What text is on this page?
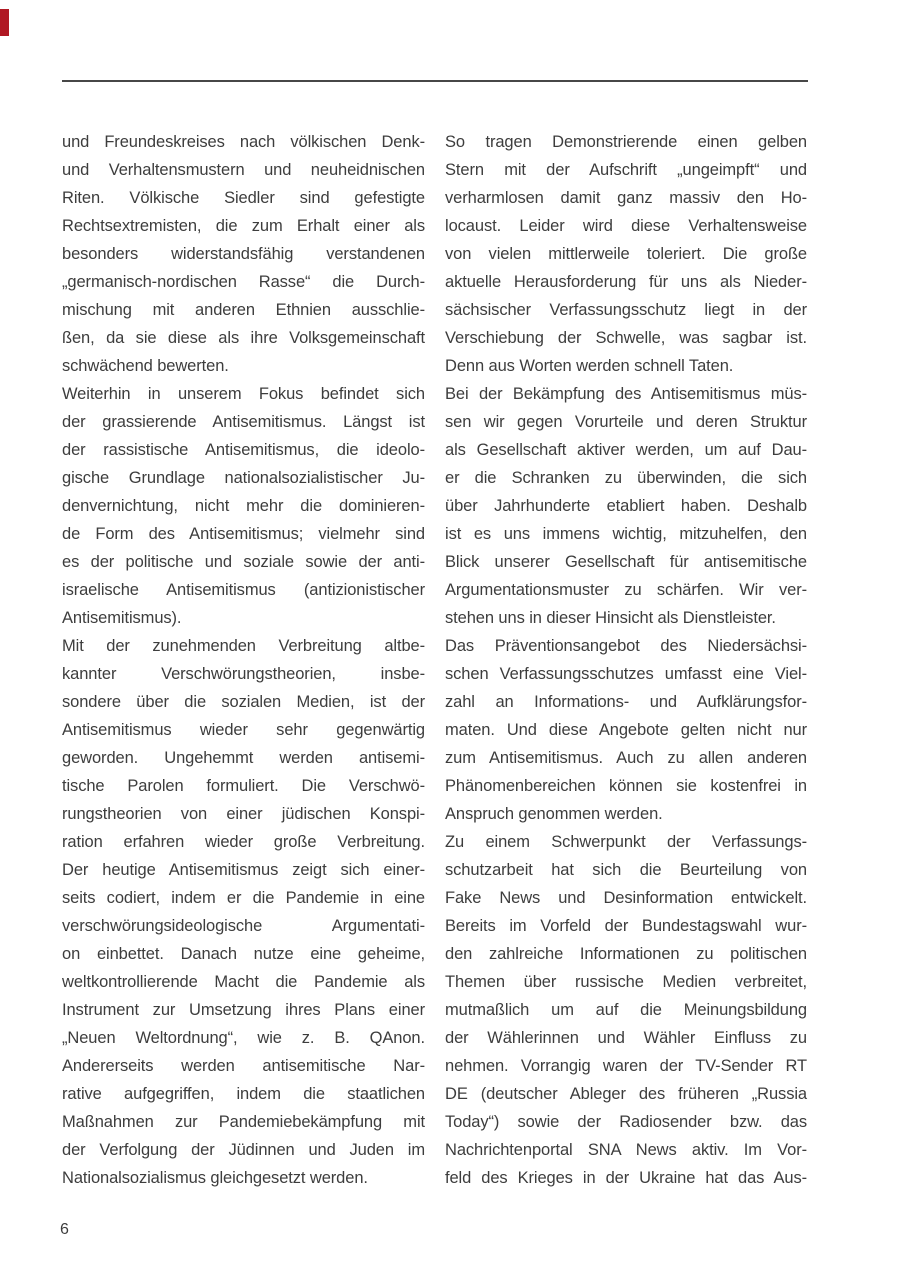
und Freundeskreises nach völkischen Denk-
und Verhaltensmustern und neuheidnischen
Riten. Völkische Siedler sind gefestigte
Rechtsextremisten, die zum Erhalt einer als
besonders widerstandsfähig verstandenen
„germanisch-nordischen Rasse“ die Durch-
mischung mit anderen Ethnien ausschlie-
ßen, da sie diese als ihre Volksgemeinschaft
schwächend bewerten.
Weiterhin in unserem Fokus befindet sich
der grassierende Antisemitismus. Längst ist
der rassistische Antisemitismus, die ideolo-
gische Grundlage nationalsozialistischer Ju-
denvernichtung, nicht mehr die dominieren-
de Form des Antisemitismus; vielmehr sind
es der politische und soziale sowie der anti-
israelische Antisemitismus (antizionistischer
Antisemitismus).
Mit der zunehmenden Verbreitung altbe-
kannter Verschwörungstheorien, insbe-
sondere über die sozialen Medien, ist der
Antisemitismus wieder sehr gegenwärtig
geworden. Ungehemmt werden antisemi-
tische Parolen formuliert. Die Verschwö-
rungstheorien von einer jüdischen Konspi-
ration erfahren wieder große Verbreitung.
Der heutige Antisemitismus zeigt sich einer-
seits codiert, indem er die Pandemie in eine
verschwörungsideologische Argumentati-
on einbettet. Danach nutze eine geheime,
weltkontrollierende Macht die Pandemie als
Instrument zur Umsetzung ihres Plans einer
„Neuen Weltordnung“, wie z. B. QAnon.
Andererseits werden antisemitische Nar-
rative aufgegriffen, indem die staatlichen
Maßnahmen zur Pandemiebekämpfung mit
der Verfolgung der Jüdinnen und Juden im
Nationalsozialismus gleichgesetzt werden.
So tragen Demonstrierende einen gelben
Stern mit der Aufschrift „ungeimpft“ und
verharmlosen damit ganz massiv den Ho-
locaust. Leider wird diese Verhaltensweise
von vielen mittlerweile toleriert. Die große
aktuelle Herausforderung für uns als Nieder-
sächsischer Verfassungsschutz liegt in der
Verschiebung der Schwelle, was sagbar ist.
Denn aus Worten werden schnell Taten.
Bei der Bekämpfung des Antisemitismus müs-
sen wir gegen Vorurteile und deren Struktur
als Gesellschaft aktiver werden, um auf Dau-
er die Schranken zu überwinden, die sich
über Jahrhunderte etabliert haben. Deshalb
ist es uns immens wichtig, mitzuhelfen, den
Blick unserer Gesellschaft für antisemitische
Argumentationsmuster zu schärfen. Wir ver-
stehen uns in dieser Hinsicht als Dienstleister.
Das Präventionsangebot des Niedersächsi-
schen Verfassungsschutzes umfasst eine Viel-
zahl an Informations- und Aufklärungsfor-
maten. Und diese Angebote gelten nicht nur
zum Antisemitismus. Auch zu allen anderen
Phänomenbereichen können sie kostenfrei in
Anspruch genommen werden.
Zu einem Schwerpunkt der Verfassungs-
schutzarbeit hat sich die Beurteilung von
Fake News und Desinformation entwickelt.
Bereits im Vorfeld der Bundestagswahl wur-
den zahlreiche Informationen zu politischen
Themen über russische Medien verbreitet,
mutmaßlich um auf die Meinungsbildung
der Wählerinnen und Wähler Einfluss zu
nehmen. Vorrangig waren der TV-Sender RT
DE (deutscher Ableger des früheren „Russia
Today“) sowie der Radiosender bzw. das
Nachrichtenportal SNA News aktiv. Im Vor-
feld des Krieges in der Ukraine hat das Aus-
6
